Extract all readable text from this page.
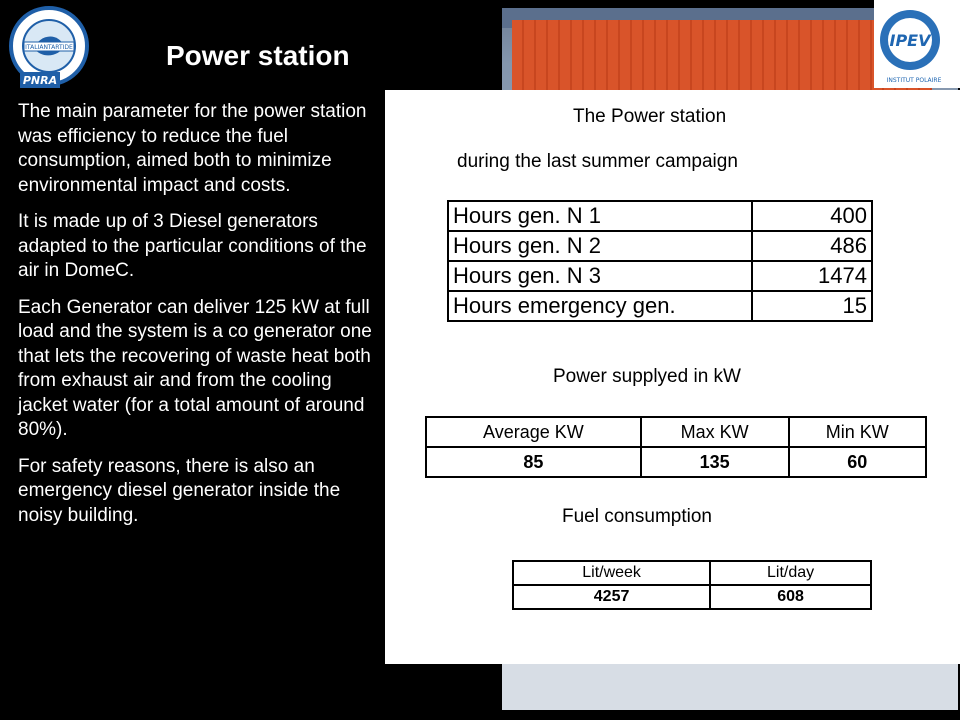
ITALIANTARTIDE
PNRA
IPEV
INSTITUT POLAIRE
Power station

The main parameter for the power station was efficiency to reduce the fuel consumption, aimed both to minimize environmental impact and costs.

It is made up of 3 Diesel generators adapted to the particular conditions of the air in DomeC.

Each Generator can deliver 125 kW at full load and the system is a co generator one that lets the recovering of waste heat both from exhaust air and from the cooling jacket water (for a total amount of around 80%).

For safety reasons, there is also an emergency diesel generator inside the noisy building.

The Power station
during the last summer campaign
Hours gen. N 1	400
Hours gen. N 2	486
Hours gen. N 3	1474
Hours emergency gen.	15
Power supplyed in kW
Average KW	Max KW	Min KW
85	135	60
Fuel consumption
Lit/week	Lit/day
4257	608
